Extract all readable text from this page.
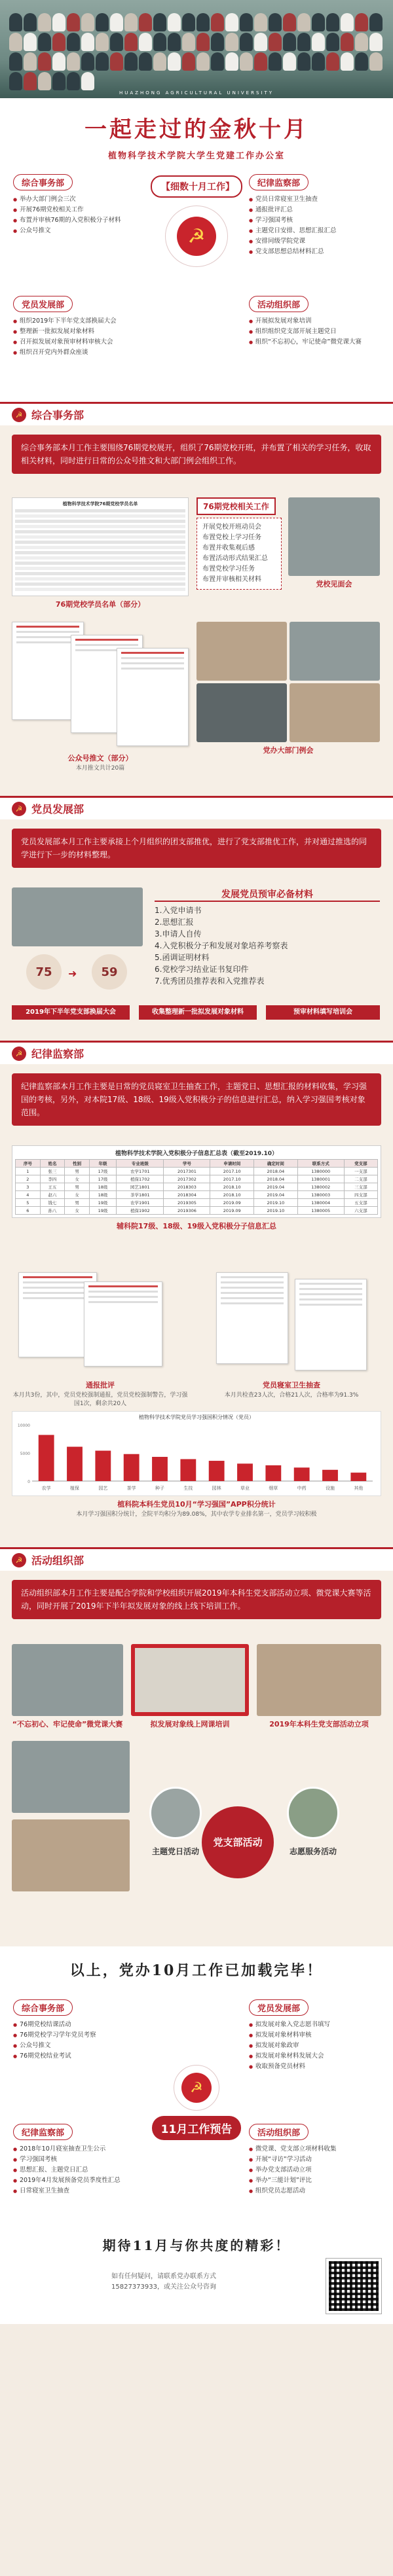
HUAZHONG AGRICULTURAL UNIVERSITY
一起走过的金秋十月
植物科学技术学院大学生党建工作办公室
【细数十月工作】
☭
综合事务部
● 举办大部门例会三次
● 开展76期党校相关工作
● 布置并审核76期的入党积极分子材料
● 公众号推文
纪律监察部
● 党员日常寝室卫生抽查
● 通报批评汇总
● 学习强国考核
● 主题党日安排、思想汇报汇总
● 安排同级学院党课
● 党支部思想总结材料汇总
党员发展部
● 组织2019年下半年党支部换届大会
● 整理新一批拟发展对象材料
● 召开拟发展对象预审材料审核大会
● 组织召开党内外群众座谈
活动组织部
● 开展拟发展对象培训
● 组织组织党支部开展主题党日
● 组织“不忘初心，牢记使命”微党课大赛
☭ 综合事务部
综合事务部本月工作主要围绕76期党校展开，组织了76期党校开班，并布置了相关的学习任务，收取相关材料，同时进行日常的公众号推文和大部门例会组织工作。
植物科学技术学院76期党校学员名单
76期党校学员名单（部分）
76期党校相关工作
开展党校开班动员会
布置党校上学习任务
布置并收集观后感
布置活动形式结果汇总
布置党校学习任务
布置并审核相关材料
党校见面会
公众号推文（部分）
本月推文共计20篇
党办大部门例会
☭ 党员发展部
党员发展部本月工作主要承接上个月组织的团支部推优，进行了党支部推优工作，并对通过推选的同学进行下一步的材料整理。
75	➜	59
发展党员预审必备材料
1.入党申请书
2.思想汇报
3.申请人自传
4.入党积极分子和发展对象培养考察表
5.函调证明材料
6.党校学习结业证书复印件
7.优秀团员推荐表和入党推荐表
2019年下半年党支部换届大会	收集整理新一批拟发展对象材料	预审材料填写培训会
☭ 纪律监察部
纪律监察部本月工作主要是日常的党员寝室卫生抽查工作，主题党日、思想汇报的材料收集，学习强国的考核，另外，对本院17级、18级、19级入党积极分子的信息进行汇总，纳入学习强国考核对象范围。
植物科学技术学院入党积极分子信息汇总表（截至2019.10）
序号	姓名	性别	年级	专业班级	学号	申请时间	确定时间	联系方式	党支部
1	张三	男	17级	农学1701	2017301	2017.10	2018.04	1380000	一支部
2	李四	女	17级	植保1702	2017302	2017.10	2018.04	1380001	二支部
3	王五	男	18级	园艺1801	2018303	2018.10	2019.04	1380002	三支部
4	赵六	女	18级	茶学1801	2018304	2018.10	2019.04	1380003	四支部
5	钱七	男	19级	农学1901	2019305	2019.09	2019.10	1380004	五支部
6	孙八	女	19级	植保1902	2019306	2019.09	2019.10	1380005	六支部
辅科院17级、18级、19级入党积极分子信息汇总
通报批评
本月共3份，其中，党员党校强制通报，党员党校强制警告，学习强国1次，剩余共20人
党员寝室卫生抽查
本月共检查23人次，合格21人次，合格率为91.3%
植物科学技术学院党员学习强国积分情况（党员）
农学	植保	园艺	茶学	种子	生技	园林	草业	烟草	中药	设施	其他
0
5000
10000
植科院本科生党员10月“学习强国”APP积分统计
本月学习强国积分统计，全院平均积分为89.08%，其中农学专业排名第一，党员学习较积极
☭ 活动组织部
活动组织部本月工作主要是配合学院和学校组织开展2019年本科生党支部活动立项、微党课大赛等活动，同时开展了2019年下半年拟发展对象的线上线下培训工作。
“不忘初心、牢记使命”微党课大赛	拟发展对象线上网课培训	2019年本科生党支部活动立项
党支部活动
主题党日活动	志愿服务活动
以上，党办10月工作已加载完毕！
综合事务部
● 76期党校结课活动
● 76期党校学习学年党员考察
● 公众号推文
● 76期党校结业考试
党员发展部
● 拟发展对象入党志愿书填写
● 拟发展对象材料审核
● 拟发展对象政审
● 拟发展对象材料发展大会
● 收取预备党员材料
☭
11月工作预告
纪律监察部
● 2018年10月寝室抽查卫生公示
● 学习强国考核
● 思想汇报、主题党日汇总
● 2019年4月发展预备党员季度性汇总
● 日常寝室卫生抽查
活动组织部
● 微党课、党支部立项材料收集
● 开展“寻访”学习活动
● 举办党支部活动立项
● 举办“三能计划”评比
● 组织党员志愿活动
期待11月与你共度的精彩！
如有任何疑问，请联系党办联系方式
15827373933，或关注公众号咨询
